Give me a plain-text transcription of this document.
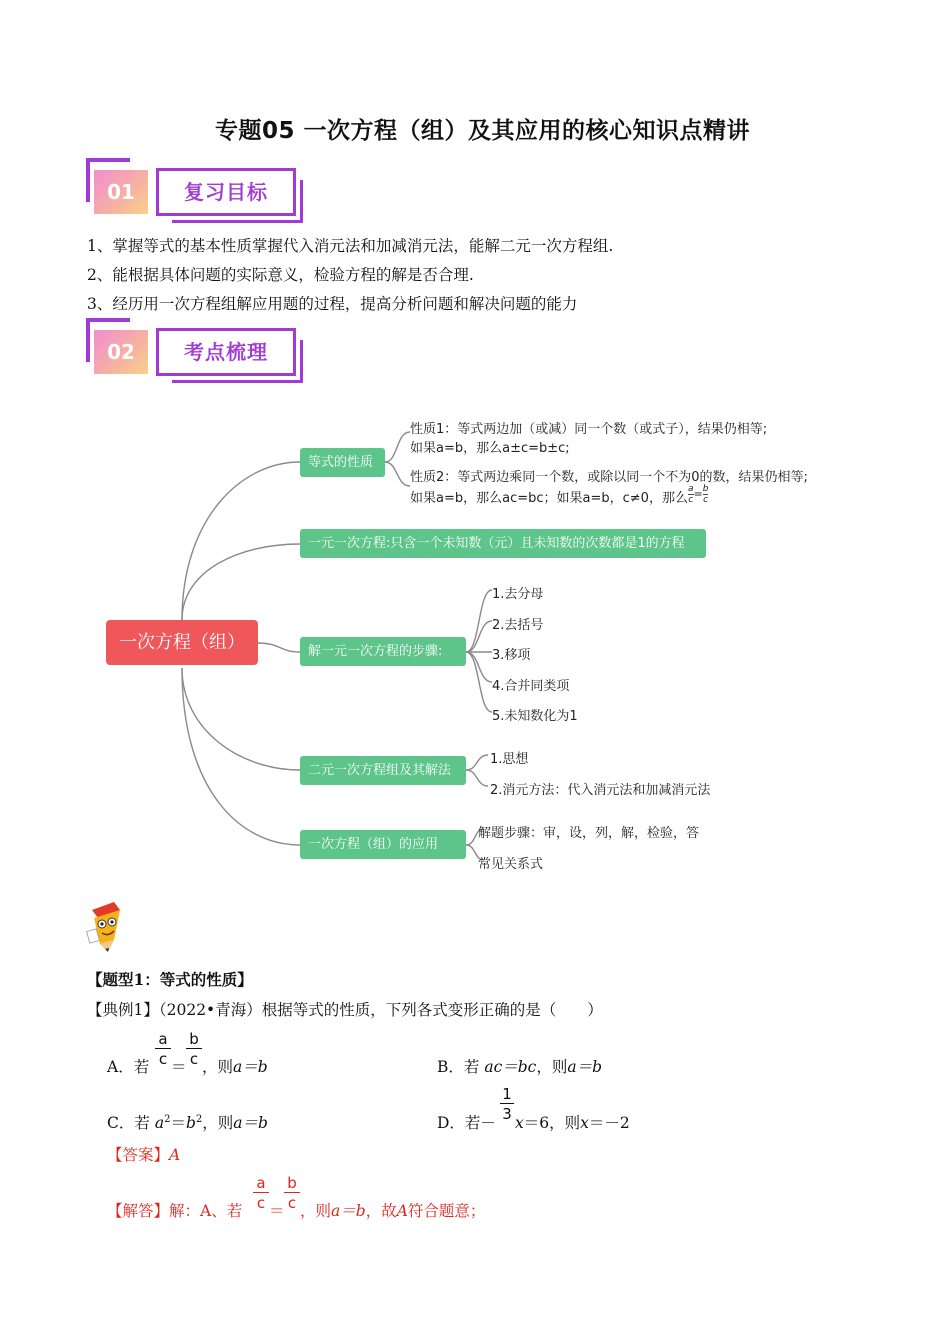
专题05 一次方程（组）及其应用的核心知识点精讲
01	复习目标
1、掌握等式的基本性质掌握代入消元法和加减消元法，能解二元一次方程组.
2、能根据具体问题的实际意义，检验方程的解是否合理.
3、经历用一次方程组解应用题的过程，提高分析问题和解决问题的能力
02	考点梳理
一次方程（组）
等式的性质
性质1：等式两边加（或减）同一个数（或式子），结果仍相等;
如果a=b，那么a±c=b±c;
性质2：等式两边乘同一个数，或除以同一个不为0的数，结果仍相等;
如果a=b，那么ac=bc；如果a=b，c≠0，那么 $\frac{a}{c} = \frac{b}{c}$
一元一次方程:只含一个未知数（元）且未知数的次数都是1的方程
解一元一次方程的步骤:
1.去分母
2.去括号
3.移项
4.合并同类项
5.未知数化为1
二元一次方程组及其解法
1.思想
2.消元方法：代入消元法和加减消元法
一次方程（组）的应用
解题步骤：审，设，列，解，检验，答
常见关系式
【题型1：等式的性质】
【典例1】（2022•青海）根据等式的性质，下列各式变形正确的是（　　）
A．若
a
c ＝
b
c ，则a＝b	B．若 ac＝bc，则a＝b
C．若 $a^2=b^2$，则a＝b	D．若－
1
3 x＝6，则x＝－2
【答案】A
【解答】解：A、若
a
c ＝
b
c ，则a＝b，故A符合题意；
